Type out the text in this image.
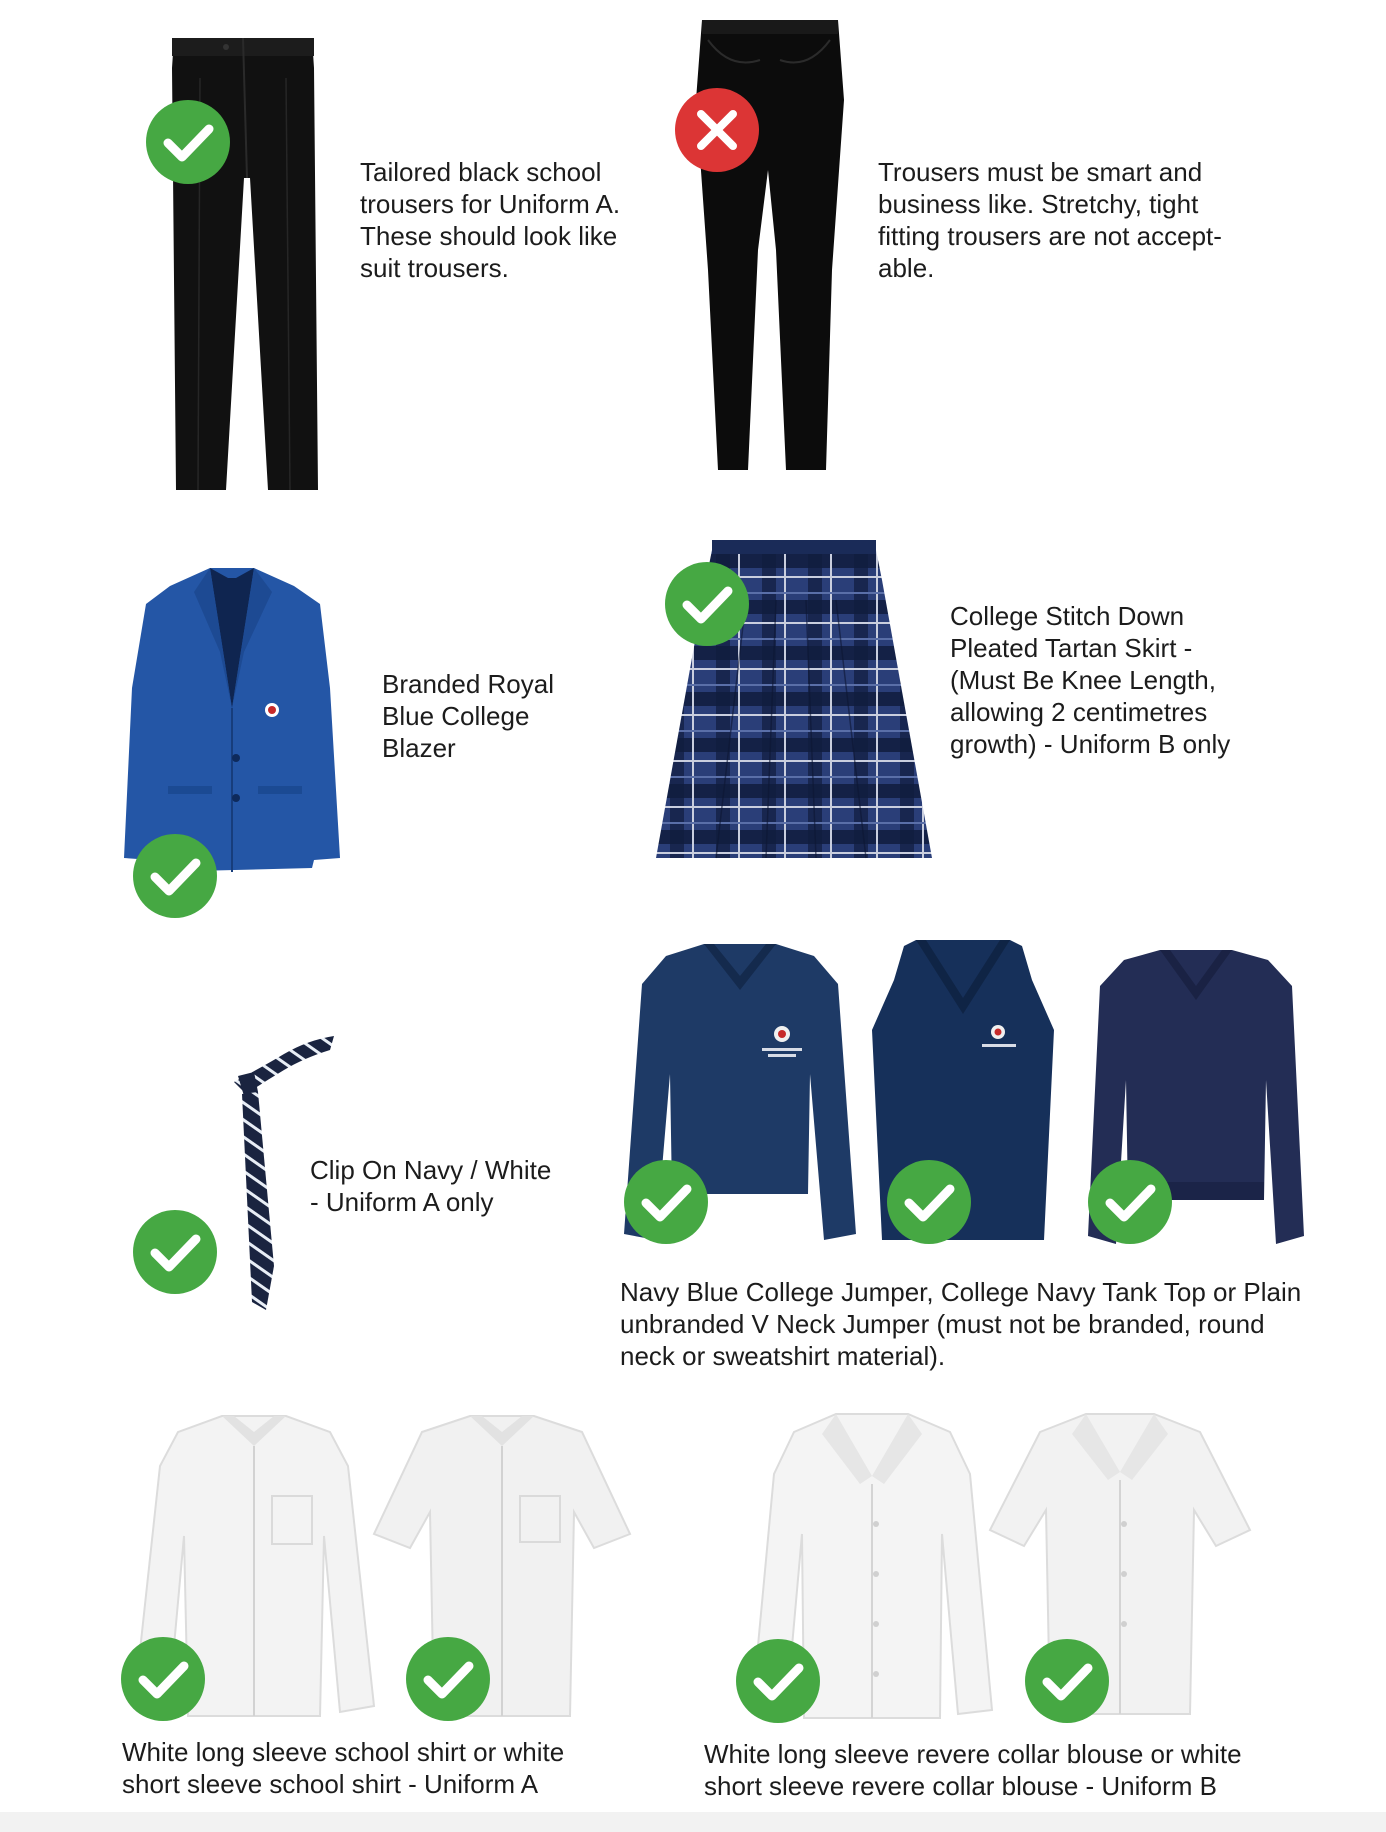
Tailored black school
trousers for Uniform A.
These should look like
suit trousers.
Trousers must be smart and
business like. Stretchy, tight
fitting trousers are not accept-
able.
Branded Royal
Blue College
Blazer
College Stitch Down
Pleated Tartan Skirt -
(Must Be Knee Length,
allowing 2 centimetres
growth) - Uniform B only
Clip On Navy / White
- Uniform A only
Navy Blue College Jumper, College Navy Tank Top or Plain
unbranded V Neck Jumper (must not be branded, round
neck or sweatshirt material).
White long sleeve school shirt or white
short sleeve school shirt - Uniform A
White long sleeve revere collar blouse or white
short sleeve revere collar blouse - Uniform B
